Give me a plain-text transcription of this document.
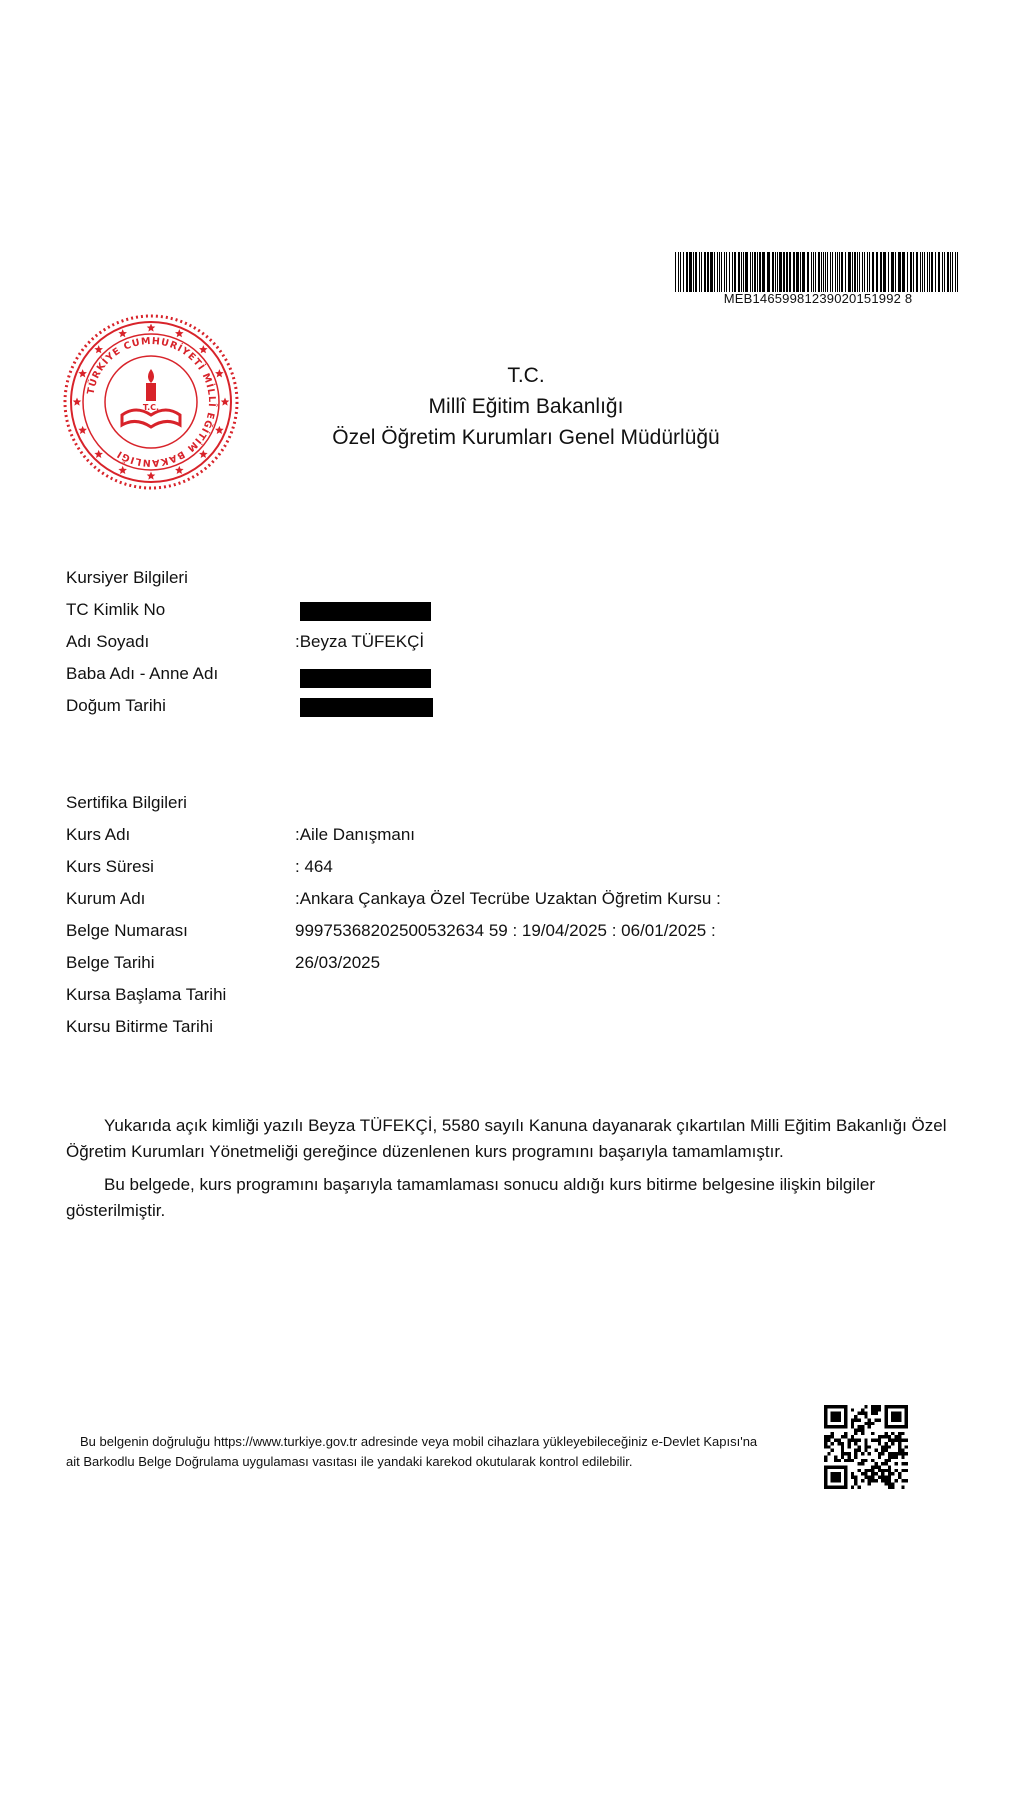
MEB14659981239020151992 8
TÜRKİYE CUMHURİYETİ MİLLÎ EĞİTİM BAKANLIĞI
T.C.
T.C.
Millî Eğitim Bakanlığı
Özel Öğretim Kurumları Genel Müdürlüğü
Kursiyer Bilgileri
TC Kimlik No
Adı Soyadı	:Beyza TÜFEKÇİ
Baba Adı - Anne Adı
Doğum Tarihi
Sertifika Bilgileri
Kurs Adı
Kurs Süresi
Kurum Adı
Belge Numarası
Belge Tarihi
Kursa Başlama Tarihi
Kursu Bitirme Tarihi
:Aile Danışmanı
: 464
:Ankara Çankaya Özel Tecrübe Uzaktan Öğretim Kursu :
99975368202500532634 59 : 19/04/2025 : 06/01/2025 :
26/03/2025
Yukarıda açık kimliği yazılı Beyza TÜFEKÇİ, 5580 sayılı Kanuna dayanarak çıkartılan Milli Eğitim Bakanlığı Özel Öğretim Kurumları Yönetmeliği gereğince düzenlenen kurs programını başarıyla tamamlamıştır.
Bu belgede, kurs programını başarıyla tamamlaması sonucu aldığı kurs bitirme belgesine ilişkin bilgiler gösterilmiştir.
Bu belgenin doğruluğu https://www.turkiye.gov.tr adresinde veya mobil cihazlara yükleyebileceğiniz e-Devlet Kapısı'na ait Barkodlu Belge Doğrulama uygulaması vasıtası ile yandaki karekod okutularak kontrol edilebilir.
